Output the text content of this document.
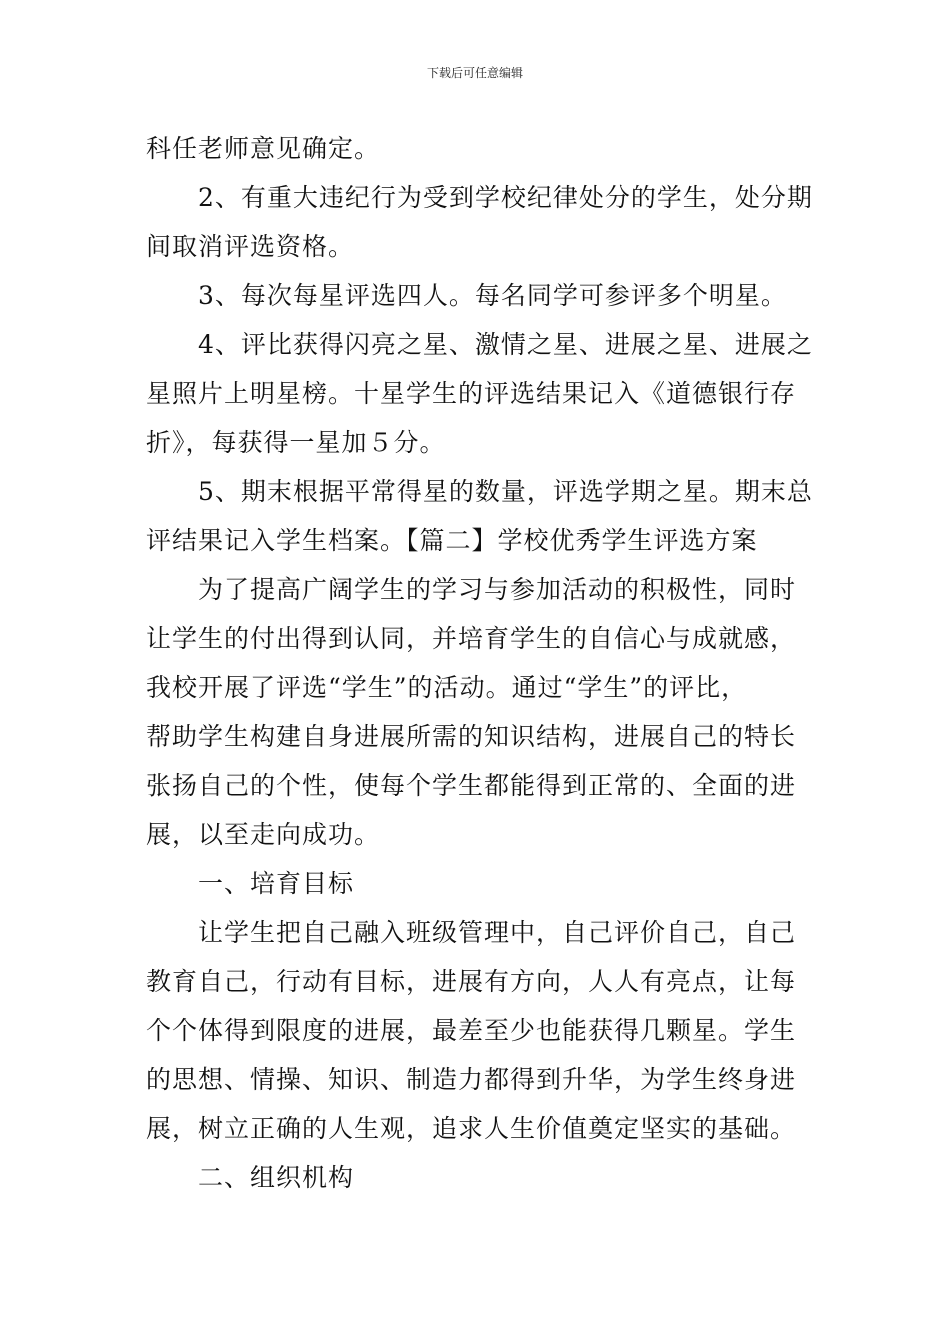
下载后可任意编辑
科任老师意见确定。
2、有重大违纪行为受到学校纪律处分的学生，处分期
间取消评选资格。
3、每次每星评选四人。每名同学可参评多个明星。
4、评比获得闪亮之星、激情之星、进展之星、进展之
星照片上明星榜。十星学生的评选结果记入《道德银行存
折》，每获得一星加５分。
5、期末根据平常得星的数量，评选学期之星。期末总
评结果记入学生档案。【篇二】学校优秀学生评选方案
为了提高广阔学生的学习与参加活动的积极性，同时
让学生的付出得到认同，并培育学生的自信心与成就感，
我校开展了评选“学生”的活动。通过“学生”的评比，
帮助学生构建自身进展所需的知识结构，进展自己的特长
张扬自己的个性，使每个学生都能得到正常的、全面的进
展，以至走向成功。
一、培育目标
让学生把自己融入班级管理中，自己评价自己，自己
教育自己，行动有目标，进展有方向，人人有亮点，让每
个个体得到限度的进展，最差至少也能获得几颗星。学生
的思想、情操、知识、制造力都得到升华，为学生终身进
展，树立正确的人生观，追求人生价值奠定坚实的基础。
二、组织机构
